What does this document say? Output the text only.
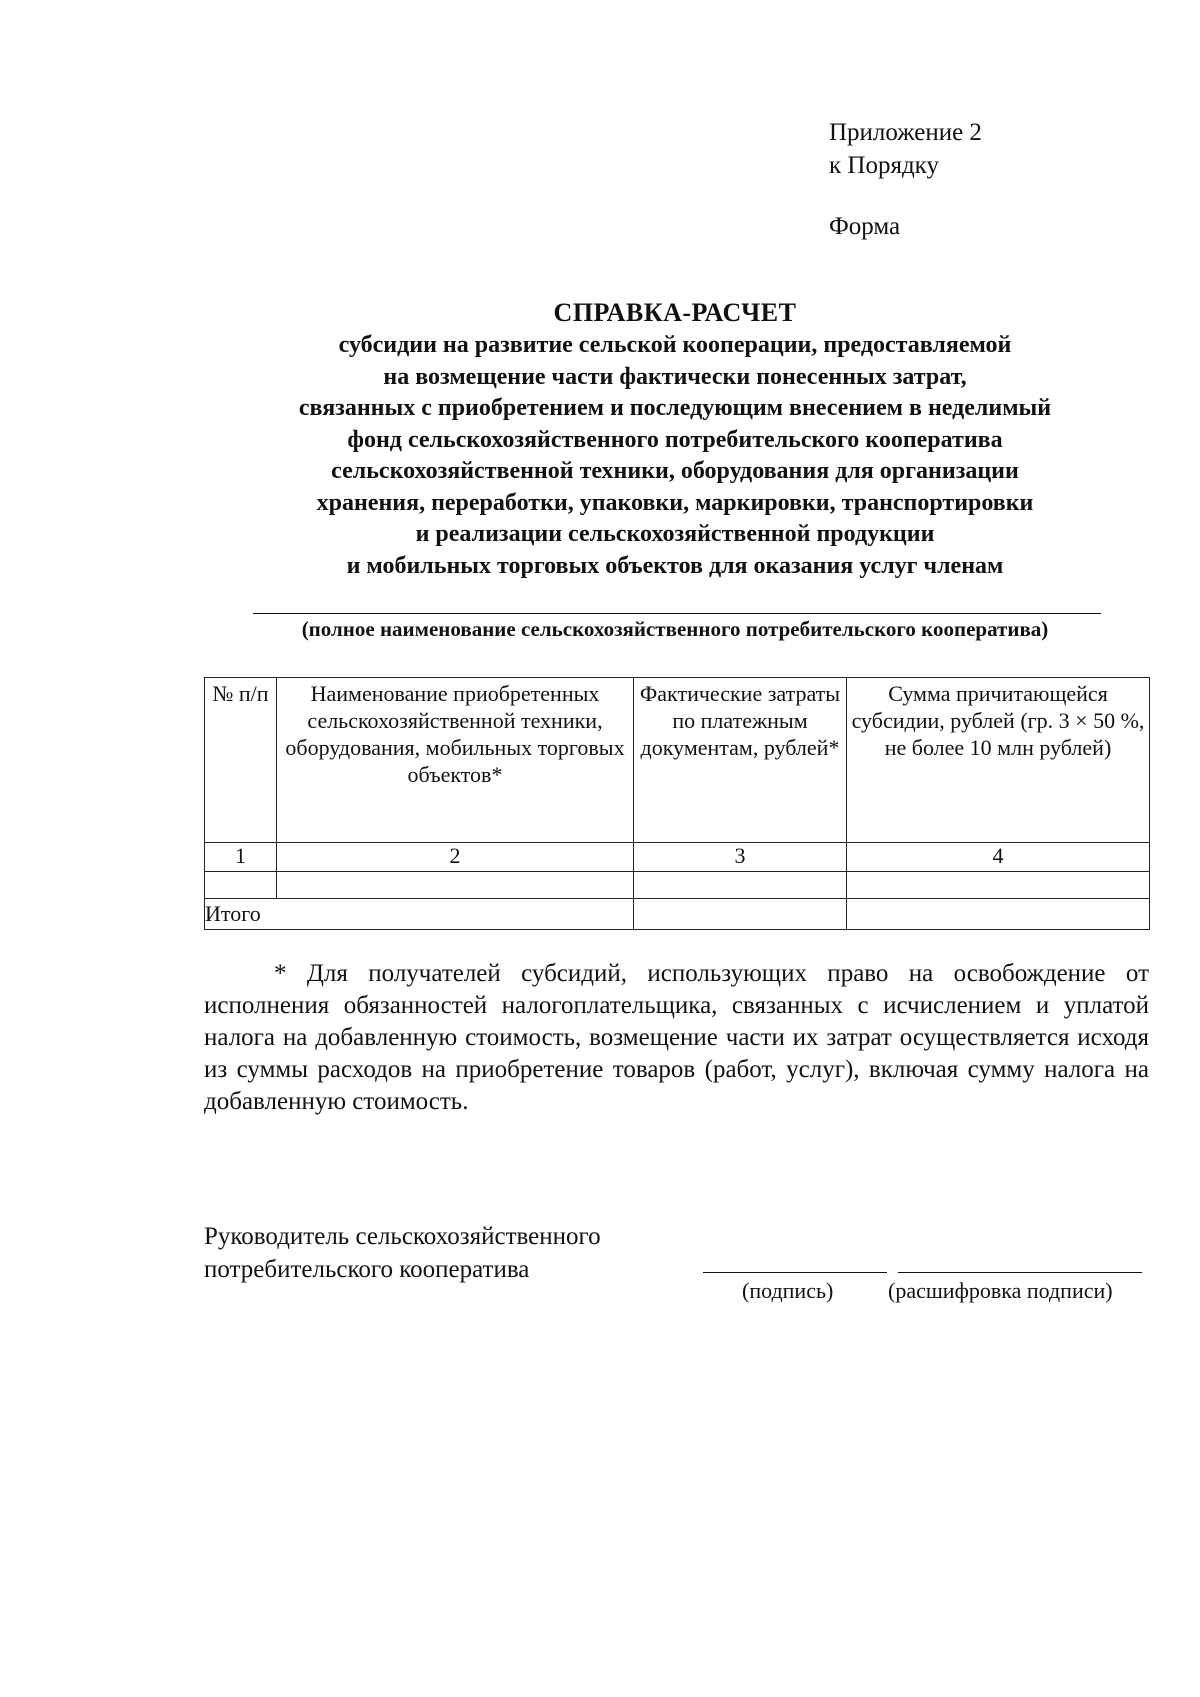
Приложение 2
к Порядку
Форма
СПРАВКА-РАСЧЕТ
субсидии на развитие сельской кооперации, предоставляемой
на возмещение части фактически понесенных затрат,
связанных с приобретением и последующим внесением в неделимый
фонд сельскохозяйственного потребительского кооператива
сельскохозяйственной техники, оборудования для организации
хранения, переработки, упаковки, маркировки, транспортировки
и реализации сельскохозяйственной продукции
и мобильных торговых объектов для оказания услуг членам
(полное наименование сельскохозяйственного потребительского кооператива)
№ п/п	Наименование приобретенных сельскохозяйственной техники, оборудования, мобильных торговых объектов*	Фактические затраты по платежным документам, рублей*	Сумма причитающейся субсидии, рублей (гр. 3 × 50 %, не более 10 млн рублей)
1	2	3	4

Итого			
* Для получателей субсидий, использующих право на освобождение от исполнения обязанностей налогоплательщика, связанных с исчислением и уплатой налога на добавленную стоимость, возмещение части их затрат осуществляется исходя из суммы расходов на приобретение товаров (работ, услуг), включая сумму налога на добавленную стоимость.
Руководитель сельскохозяйственного
потребительского кооператива
(подпись) (расшифровка подписи)
